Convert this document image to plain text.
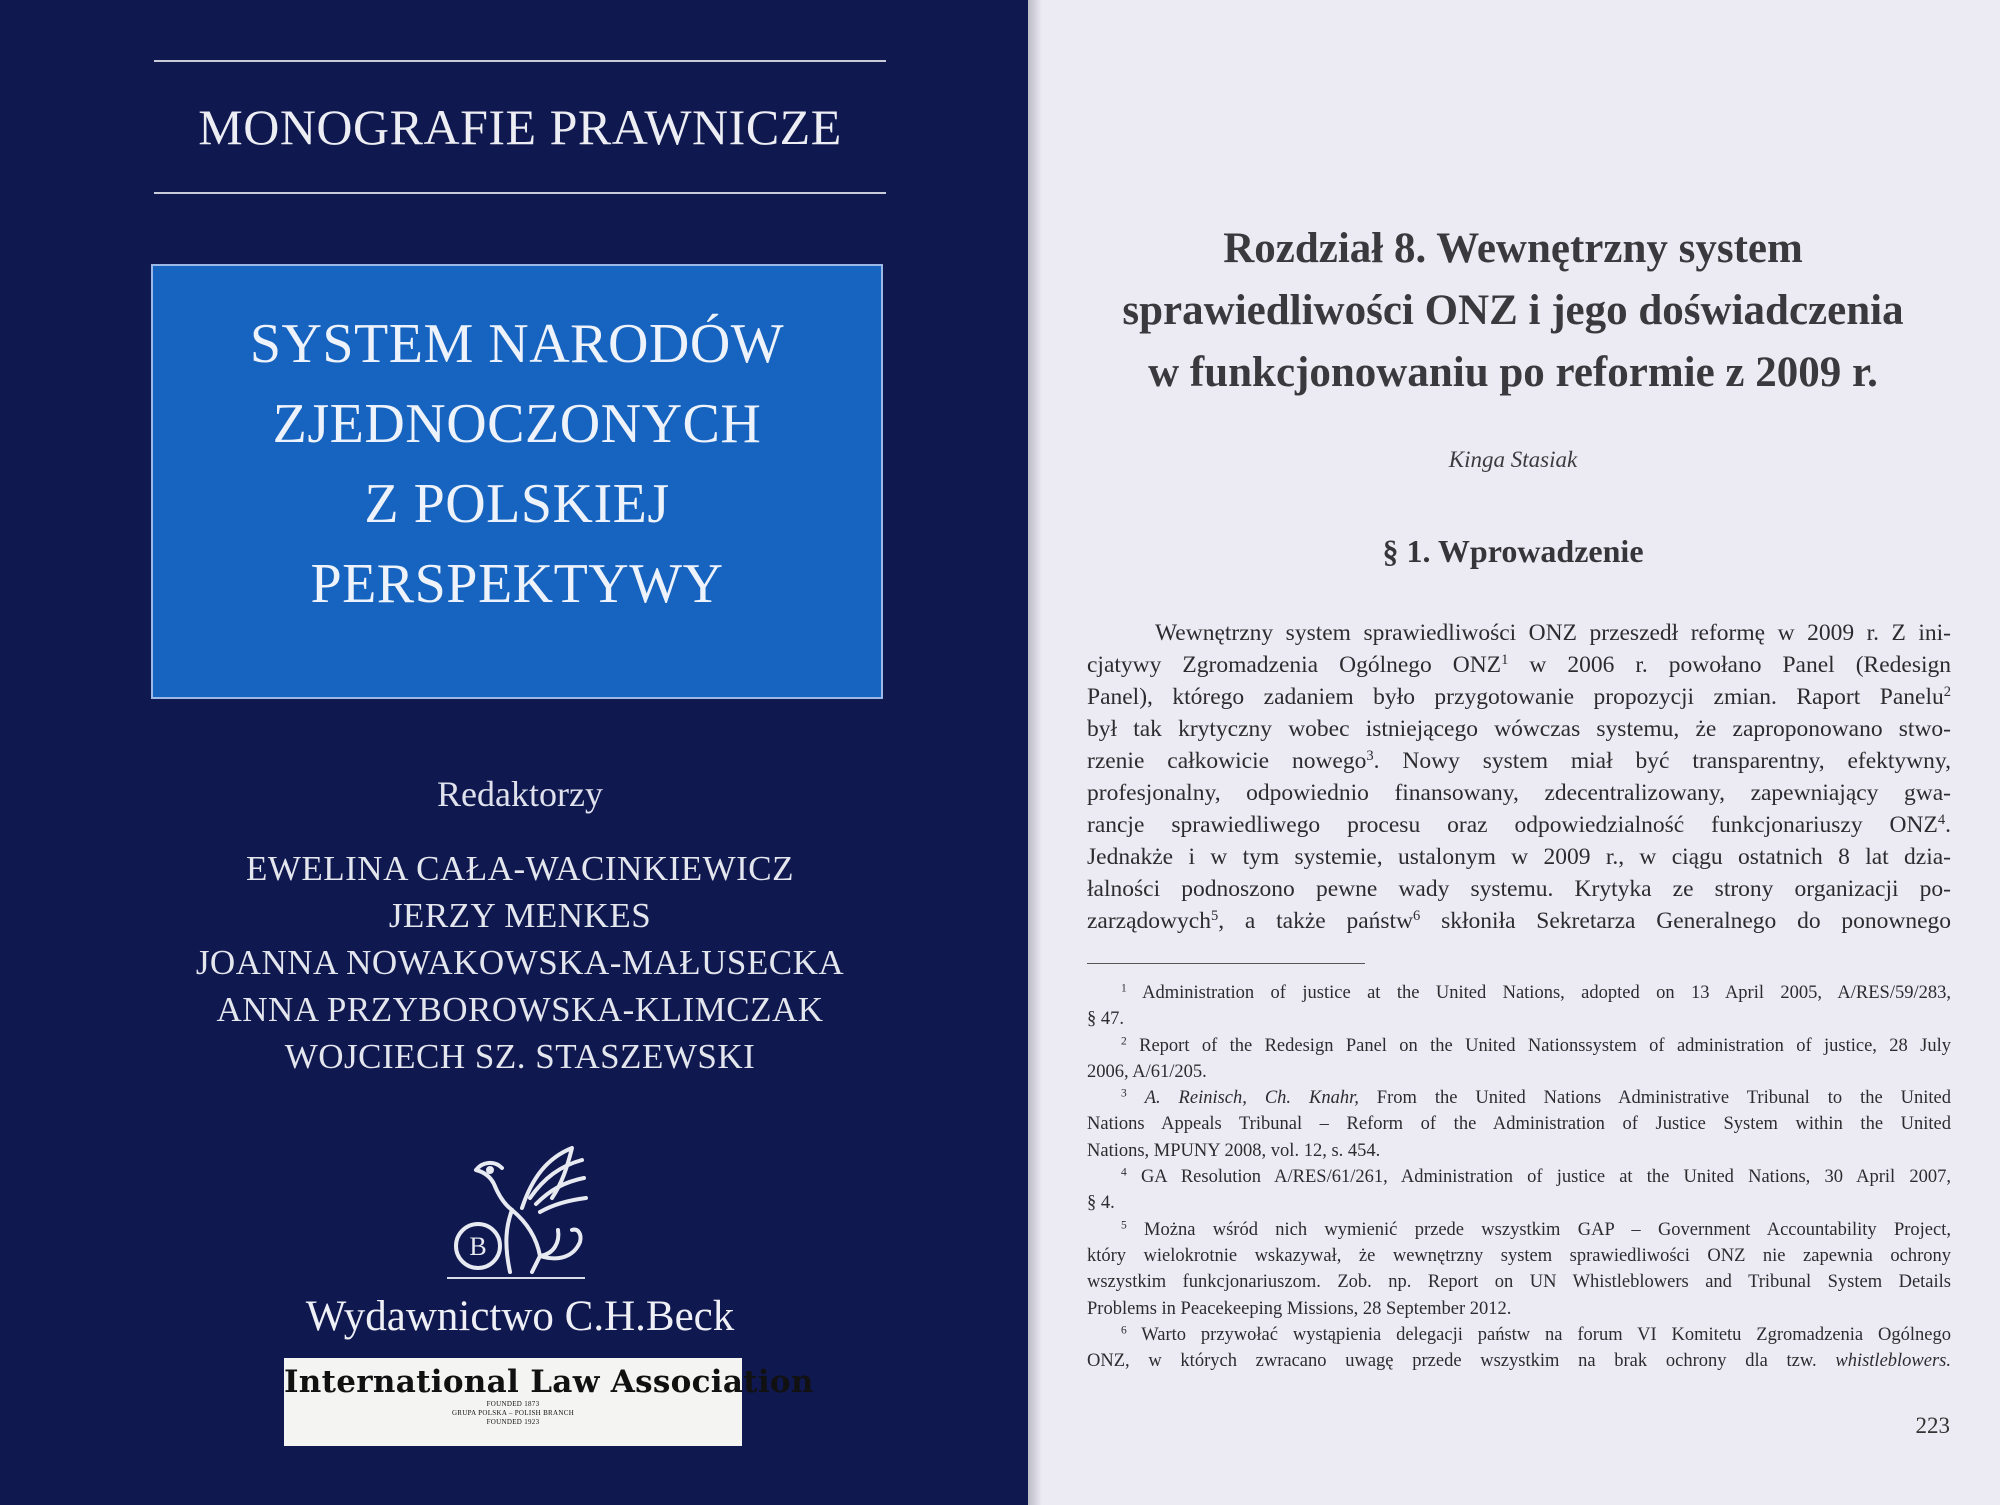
MONOGRAFIE PRAWNICZE
SYSTEM NARODÓW
ZJEDNOCZONYCH
Z POLSKIEJ
PERSPEKTYWY
Redaktorzy
EWELINA CAŁA-WACINKIEWICZ
JERZY MENKES
JOANNA NOWAKOWSKA-MAŁUSECKA
ANNA PRZYBOROWSKA-KLIMCZAK
WOJCIECH SZ. STASZEWSKI
B
Wydawnictwo C.H.Beck
International Law Association
FOUNDED 1873
GRUPA POLSKA – POLISH BRANCH
FOUNDED 1923
Rozdział 8. Wewnętrzny system
sprawiedliwości ONZ i jego doświadczenia
w funkcjonowaniu po reformie z 2009 r.
Kinga Stasiak
§ 1. Wprowadzenie
Wewnętrzny system sprawiedliwości ONZ przeszedł reformę w 2009 r. Z ini-
cjatywy Zgromadzenia Ogólnego ONZ$^1$ w 2006 r. powołano Panel (Redesign
Panel), którego zadaniem było przygotowanie propozycji zmian. Raport Panelu$^2$
był tak krytyczny wobec istniejącego wówczas systemu, że zaproponowano stwo-
rzenie całkowicie nowego$^3$. Nowy system miał być transparentny, efektywny,
profesjonalny, odpowiednio finansowany, zdecentralizowany, zapewniający gwa-
rancje sprawiedliwego procesu oraz odpowiedzialność funkcjonariuszy ONZ$^4$.
Jednakże i w tym systemie, ustalonym w 2009 r., w ciągu ostatnich 8 lat dzia-
łalności podnoszono pewne wady systemu. Krytyka ze strony organizacji po-
zarządowych$^5$, a także państw$^6$ skłoniła Sekretarza Generalnego do ponownego
$^1$ Administration of justice at the United Nations, adopted on 13 April 2005, A/RES/59/283,
§ 47.
$^2$ Report of the Redesign Panel on the United Nationssystem of administration of justice, 28 July
2006, A/61/205.
$^3$ A. Reinisch, Ch. Knahr, From the United Nations Administrative Tribunal to the United
Nations Appeals Tribunal – Reform of the Administration of Justice System within the United
Nations, MPUNY 2008, vol. 12, s. 454.
$^4$ GA Resolution A/RES/61/261, Administration of justice at the United Nations, 30 April 2007,
§ 4.
$^5$ Można wśród nich wymienić przede wszystkim GAP – Government Accountability Project,
który wielokrotnie wskazywał, że wewnętrzny system sprawiedliwości ONZ nie zapewnia ochrony
wszystkim funkcjonariuszom. Zob. np. Report on UN Whistleblowers and Tribunal System Details
Problems in Peacekeeping Missions, 28 September 2012.
$^6$ Warto przywołać wystąpienia delegacji państw na forum VI Komitetu Zgromadzenia Ogólnego
ONZ, w których zwracano uwagę przede wszystkim na brak ochrony dla tzw. whistleblowers.
223
